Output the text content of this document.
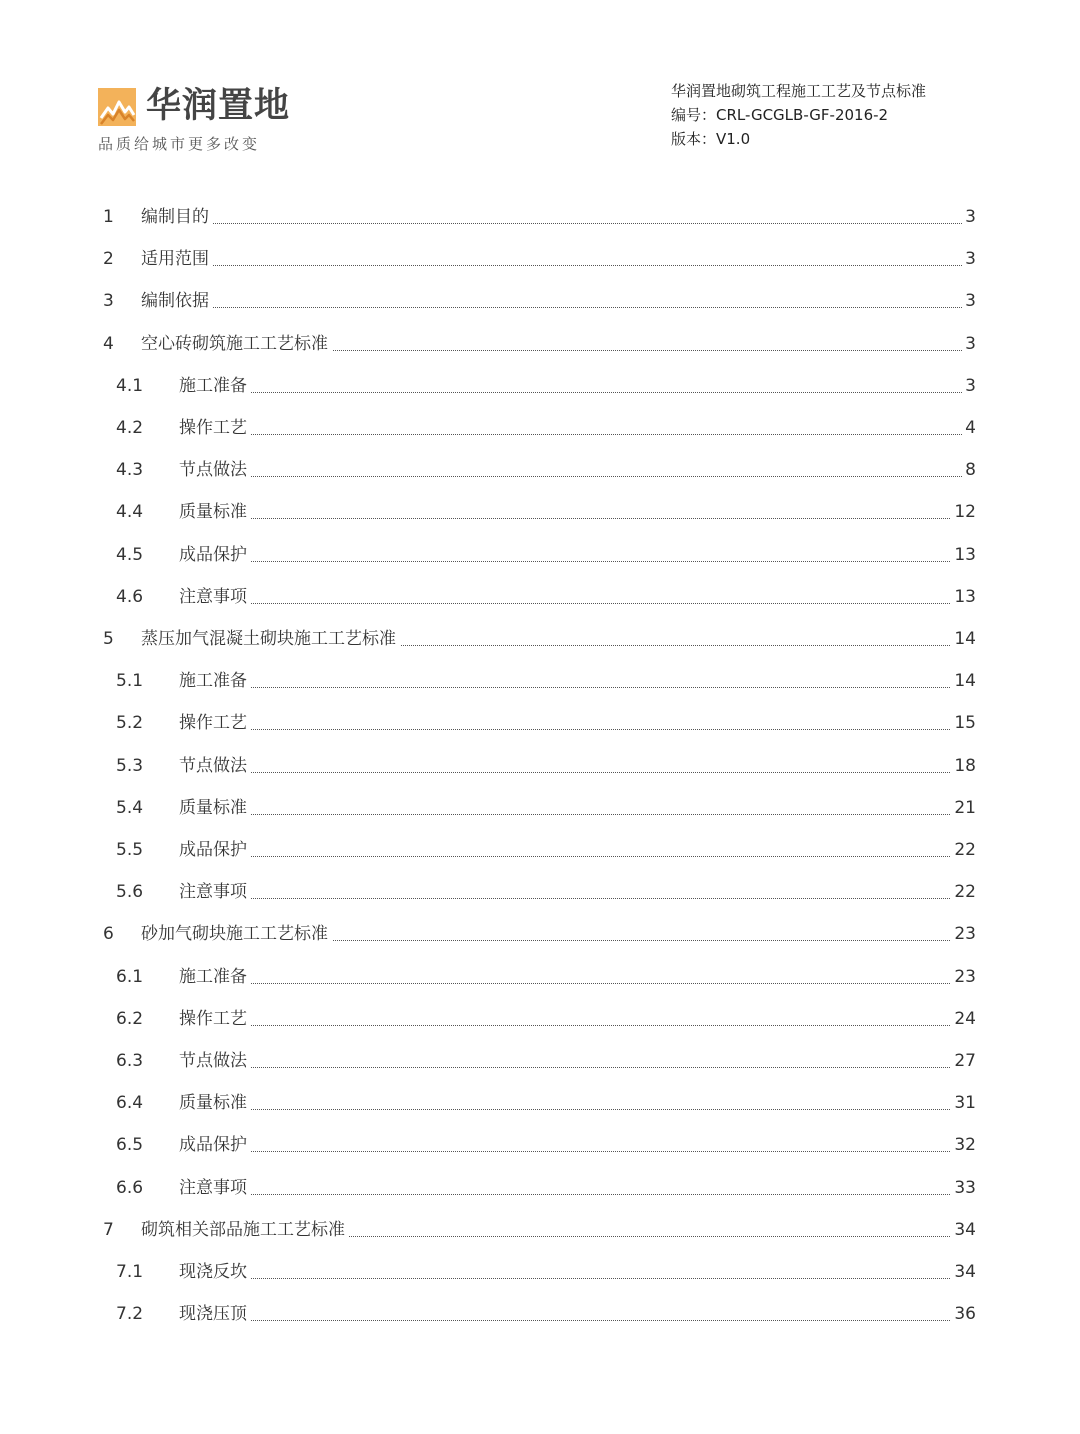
华润置地
品质给城市更多改变
华润置地砌筑工程施工工艺及节点标准
编号：CRL-GCGLB-GF-2016-2
版本：V1.0
1 编制目的	3
2 适用范围	3
3 编制依据	3
4 空心砖砌筑施工工艺标准	3
4.1 施工准备	3
4.2 操作工艺	4
4.3 节点做法	8
4.4 质量标准	12
4.5 成品保护	13
4.6 注意事项	13
5 蒸压加气混凝土砌块施工工艺标准	14
5.1 施工准备	14
5.2 操作工艺	15
5.3 节点做法	18
5.4 质量标准	21
5.5 成品保护	22
5.6 注意事项	22
6 砂加气砌块施工工艺标准	23
6.1 施工准备	23
6.2 操作工艺	24
6.3 节点做法	27
6.4 质量标准	31
6.5 成品保护	32
6.6 注意事项	33
7 砌筑相关部品施工工艺标准	34
7.1 现浇反坎	34
7.2 现浇压顶	36
